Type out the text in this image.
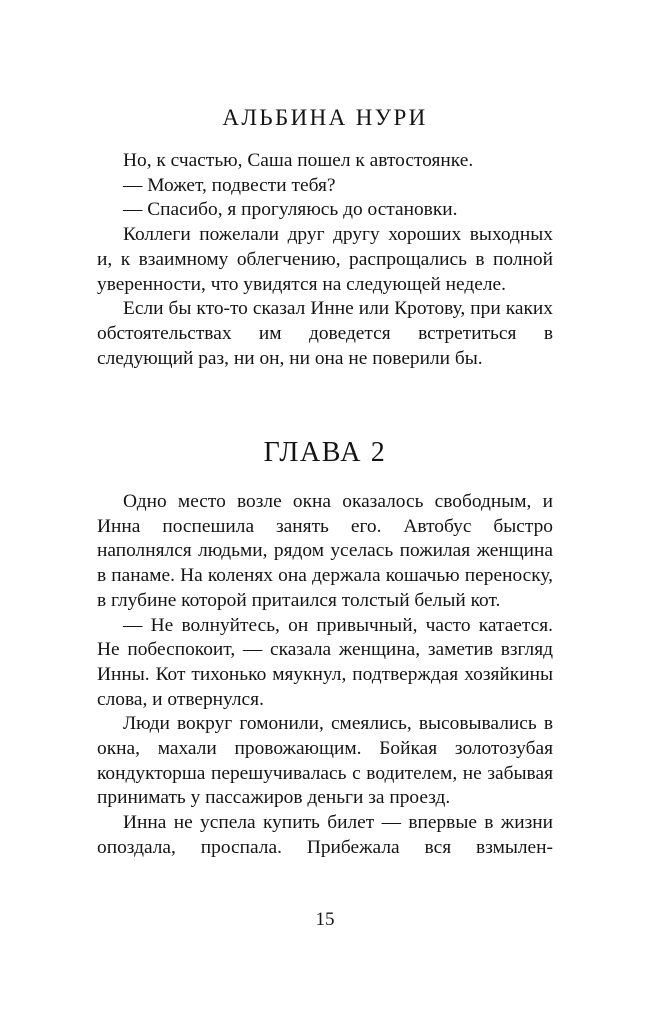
АЛЬБИНА НУРИ

Но, к счастью, Саша пошел к автостоянке.

— Может, подвести тебя?

— Спасибо, я прогуляюсь до остановки.

Коллеги пожелали друг другу хороших выходных и, к взаимному облегчению, распрощались в полной уверенности, что увидятся на следующей неделе.

Если бы кто-то сказал Инне или Кротову, при каких обстоятельствах им доведется встретиться в следующий раз, ни он, ни она не поверили бы.

ГЛАВА 2

Одно место возле окна оказалось свободным, и Инна поспешила занять его. Автобус быстро наполнялся людьми, рядом уселась пожилая женщина в панаме. На коленях она держала кошачью переноску, в глубине которой притаился толстый белый кот.

— Не волнуйтесь, он привычный, часто катается. Не побеспокоит, — сказала женщина, заметив взгляд Инны. Кот тихонько мяукнул, подтверждая хозяйкины слова, и отвернулся.

Люди вокруг гомонили, смеялись, высовывались в окна, махали провожающим. Бойкая золотозубая кондукторша перешучивалась с водителем, не забывая принимать у пассажиров деньги за проезд.

Инна не успела купить билет — впервые в жизни опоздала, проспала. Прибежала вся взмылен-

15
